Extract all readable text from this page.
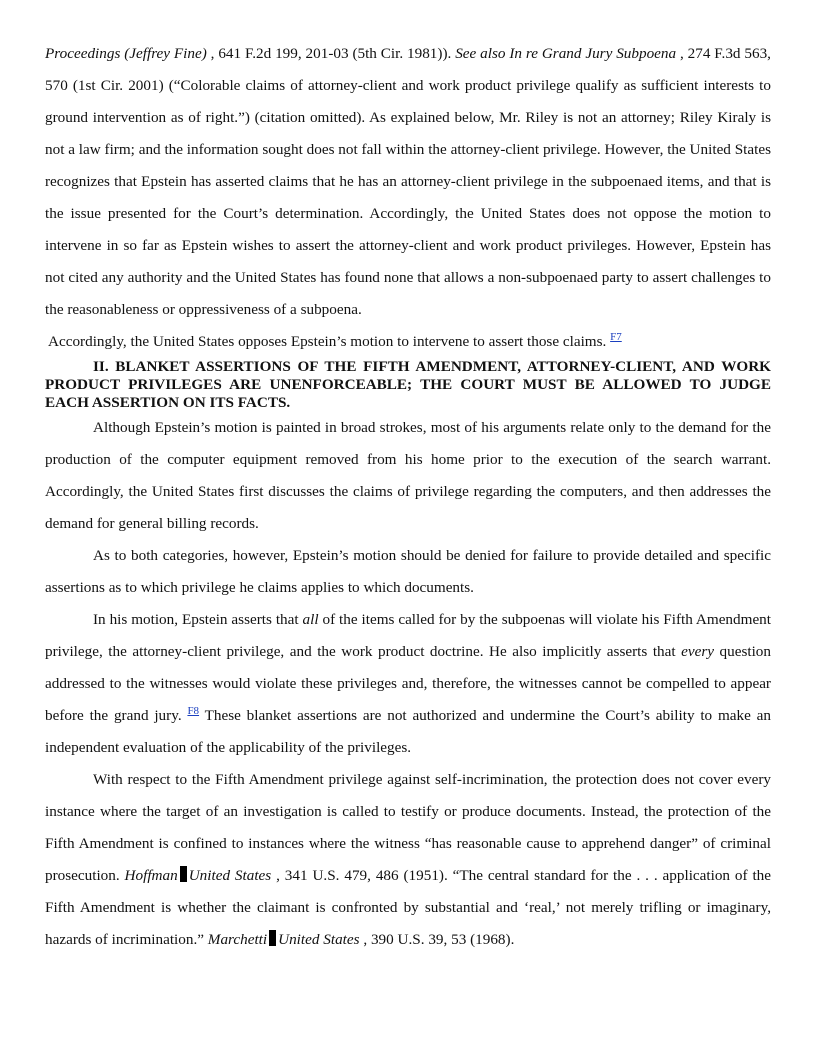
Proceedings (Jeffrey Fine) , 641 F.2d 199, 201-03 (5th Cir. 1981)). See also In re Grand Jury Subpoena , 274 F.3d 563, 570 (1st Cir. 2001) (“Colorable claims of attorney-client and work product privilege qualify as sufficient interests to ground intervention as of right.”) (citation omitted). As explained below, Mr. Riley is not an attorney; Riley Kiraly is not a law firm; and the information sought does not fall within the attorney-client privilege. However, the United States recognizes that Epstein has asserted claims that he has an attorney-client privilege in the subpoenaed items, and that is the issue presented for the Court’s determination. Accordingly, the United States does not oppose the motion to intervene in so far as Epstein wishes to assert the attorney-client and work product privileges. However, Epstein has not cited any authority and the United States has found none that allows a non-subpoenaed party to assert challenges to the reasonableness or oppressiveness of a subpoena.

Accordingly, the United States opposes Epstein’s motion to intervene to assert those claims. $^{F7}$

II. BLANKET ASSERTIONS OF THE FIFTH AMENDMENT, ATTORNEY-CLIENT, AND WORK PRODUCT PRIVILEGES ARE UNENFORCEABLE; THE COURT MUST BE ALLOWED TO JUDGE EACH ASSERTION ON ITS FACTS.

Although Epstein’s motion is painted in broad strokes, most of his arguments relate only to the demand for the production of the computer equipment removed from his home prior to the execution of the search warrant. Accordingly, the United States first discusses the claims of privilege regarding the computers, and then addresses the demand for general billing records.

As to both categories, however, Epstein’s motion should be denied for failure to provide detailed and specific assertions as to which privilege he claims applies to which documents.

In his motion, Epstein asserts that all of the items called for by the subpoenas will violate his Fifth Amendment privilege, the attorney-client privilege, and the work product doctrine. He also implicitly asserts that every question addressed to the witnesses would violate these privileges and, therefore, the witnesses cannot be compelled to appear before the grand jury. $^{F8}$ These blanket assertions are not authorized and undermine the Court’s ability to make an independent evaluation of the applicability of the privileges.

With respect to the Fifth Amendment privilege against self-incrimination, the protection does not cover every instance where the target of an investigation is called to testify or produce documents. Instead, the protection of the Fifth Amendment is confined to instances where the witness “has reasonable cause to apprehend danger” of criminal prosecution. Hoffman United States , 341 U.S. 479, 486 (1951). “The central standard for the . . . application of the Fifth Amendment is whether the claimant is confronted by substantial and ‘real,’ not merely trifling or imaginary, hazards of incrimination.” Marchetti United States , 390 U.S. 39, 53 (1968).
